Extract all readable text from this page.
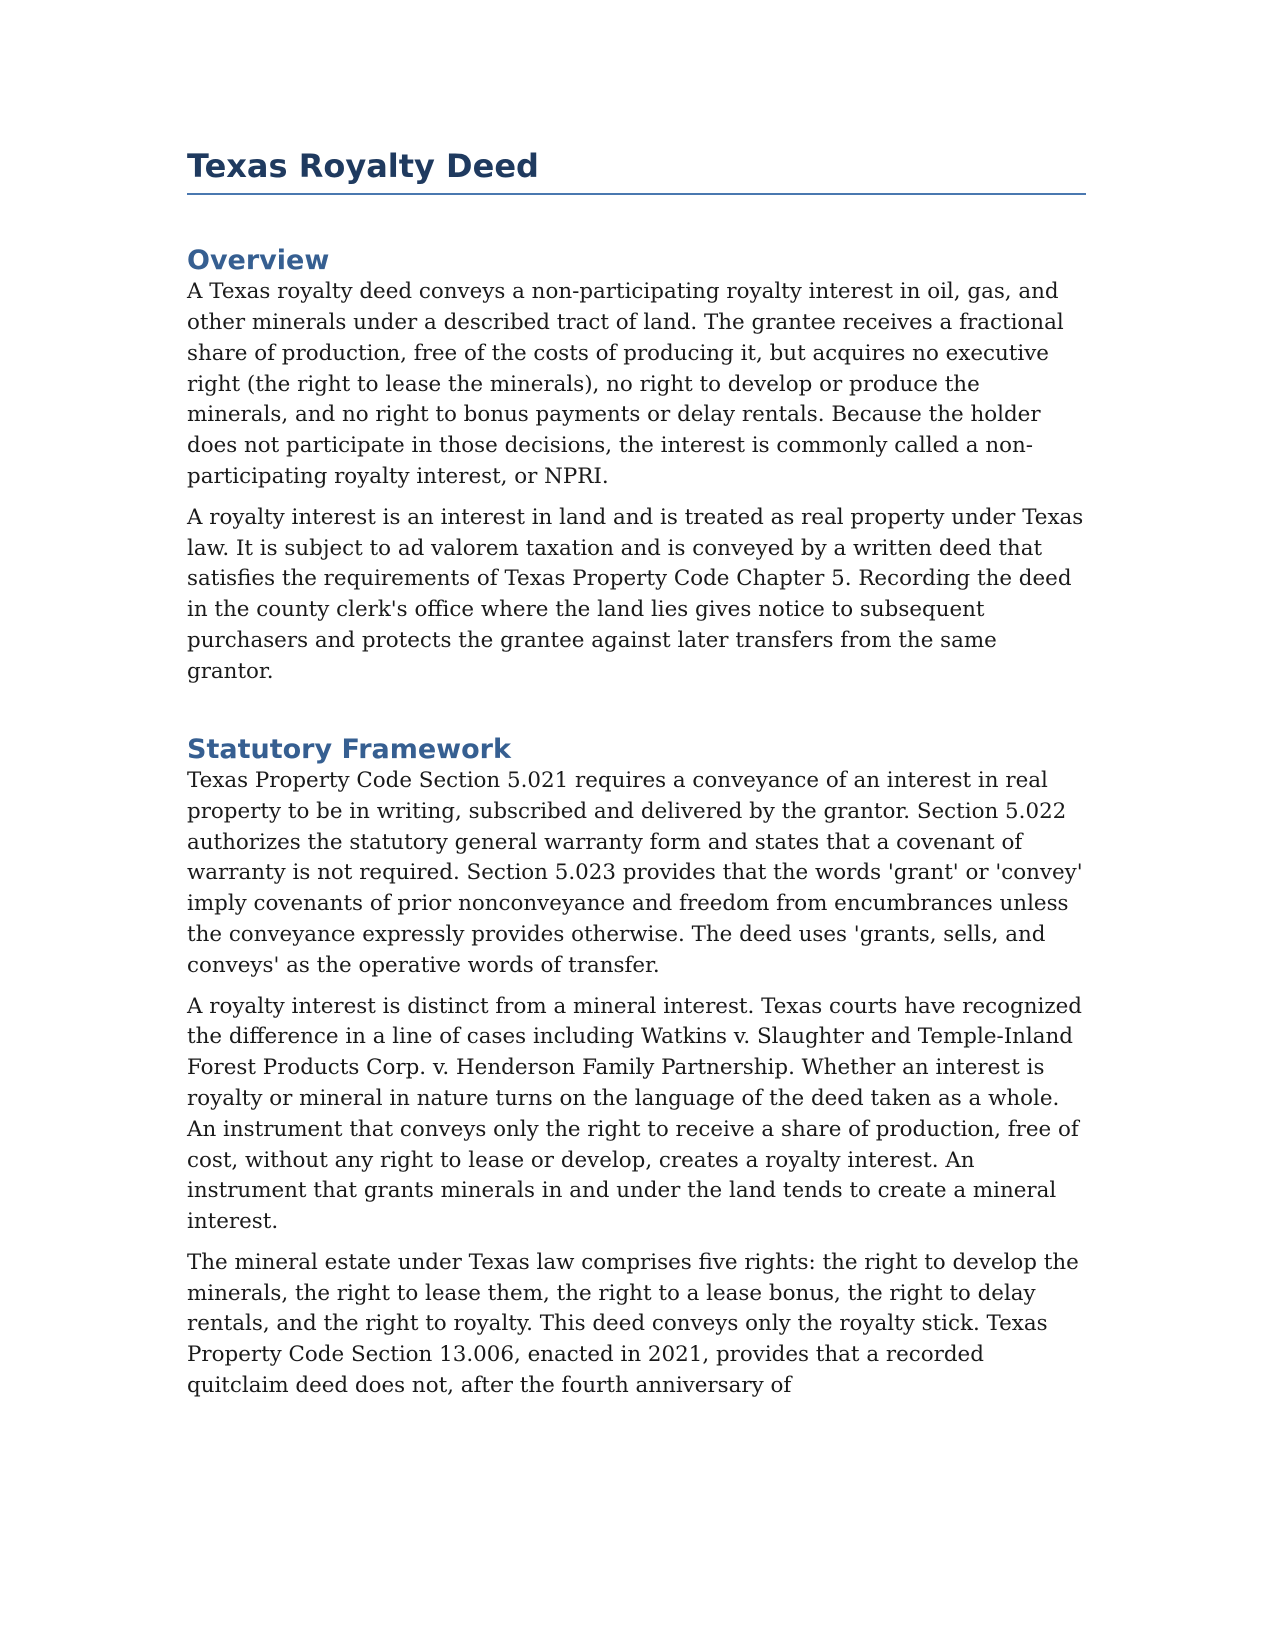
Texas Royalty Deed
Overview

A Texas royalty deed conveys a non-participating royalty interest in oil, gas, and other minerals under a described tract of land. The grantee receives a fractional share of production, free of the costs of producing it, but acquires no executive right (the right to lease the minerals), no right to develop or produce the minerals, and no right to bonus payments or delay rentals. Because the holder does not participate in those decisions, the interest is commonly called a non-participating royalty interest, or NPRI.

A royalty interest is an interest in land and is treated as real property under Texas law. It is subject to ad valorem taxation and is conveyed by a written deed that satisfies the requirements of Texas Property Code Chapter 5. Recording the deed in the county clerk's office where the land lies gives notice to subsequent purchasers and protects the grantee against later transfers from the same grantor.

Statutory Framework

Texas Property Code Section 5.021 requires a conveyance of an interest in real property to be in writing, subscribed and delivered by the grantor. Section 5.022 authorizes the statutory general warranty form and states that a covenant of warranty is not required. Section 5.023 provides that the words 'grant' or 'convey' imply covenants of prior nonconveyance and freedom from encumbrances unless the conveyance expressly provides otherwise. The deed uses 'grants, sells, and conveys' as the operative words of transfer.

A royalty interest is distinct from a mineral interest. Texas courts have recognized the difference in a line of cases including Watkins v. Slaughter and Temple-Inland Forest Products Corp. v. Henderson Family Partnership. Whether an interest is royalty or mineral in nature turns on the language of the deed taken as a whole. An instrument that conveys only the right to receive a share of production, free of cost, without any right to lease or develop, creates a royalty interest. An instrument that grants minerals in and under the land tends to create a mineral interest.

The mineral estate under Texas law comprises five rights: the right to develop the minerals, the right to lease them, the right to a lease bonus, the right to delay rentals, and the right to royalty. This deed conveys only the royalty stick. Texas Property Code Section 13.006, enacted in 2021, provides that a recorded quitclaim deed does not, after the fourth anniversary of
